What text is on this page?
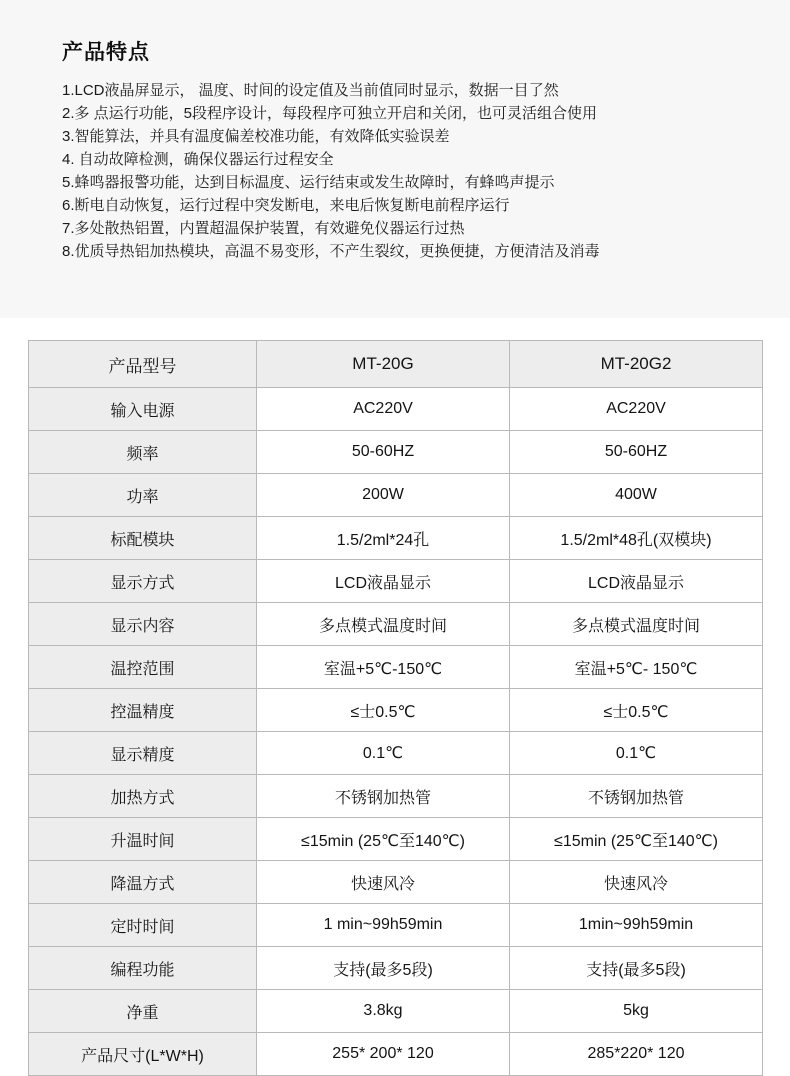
产品特点
1.LCD液晶屏显示， 温度、时间的设定值及当前值同时显示，数据一目了然
2.多 点运行功能，5段程序设计，每段程序可独立开启和关闭，也可灵活组合使用
3.智能算法，并具有温度偏差校准功能，有效降低实验误差
4. 自动故障检测，确保仪器运行过程安全
5.蜂鸣器报警功能，达到目标温度、运行结束或发生故障时，有蜂鸣声提示
6.断电自动恢复，运行过程中突发断电，来电后恢复断电前程序运行
7.多处散热铝置，内置超温保护装置，有效避免仪器运行过热
8.优质导热铝加热模块，高温不易变形，不产生裂纹，更换便捷，方便清洁及消毒
产品型号	MT-20G	MT-20G2
输入电源	AC220V	AC220V
频率	50-60HZ	50-60HZ
功率	200W	400W
标配模块	1.5/2ml*24孔	1.5/2ml*48孔(双模块)
显示方式	LCD液晶显示	LCD液晶显示
显示内容	多点模式温度时间	多点模式温度时间
温控范围	室温+5℃-150℃	室温+5℃- 150℃
控温精度	≤士0.5℃	≤士0.5℃
显示精度	0.1℃	0.1℃
加热方式	不锈钢加热管	不锈钢加热管
升温时间	≤15min (25℃至140℃)	≤15min (25℃至140℃)
降温方式	快速风冷	快速风冷
定时时间	1 min~99h59min	1min~99h59min
编程功能	支持(最多5段)	支持(最多5段)
净重	3.8kg	5kg
产品尺寸(L*W*H)	255* 200* 120	285*220* 120
